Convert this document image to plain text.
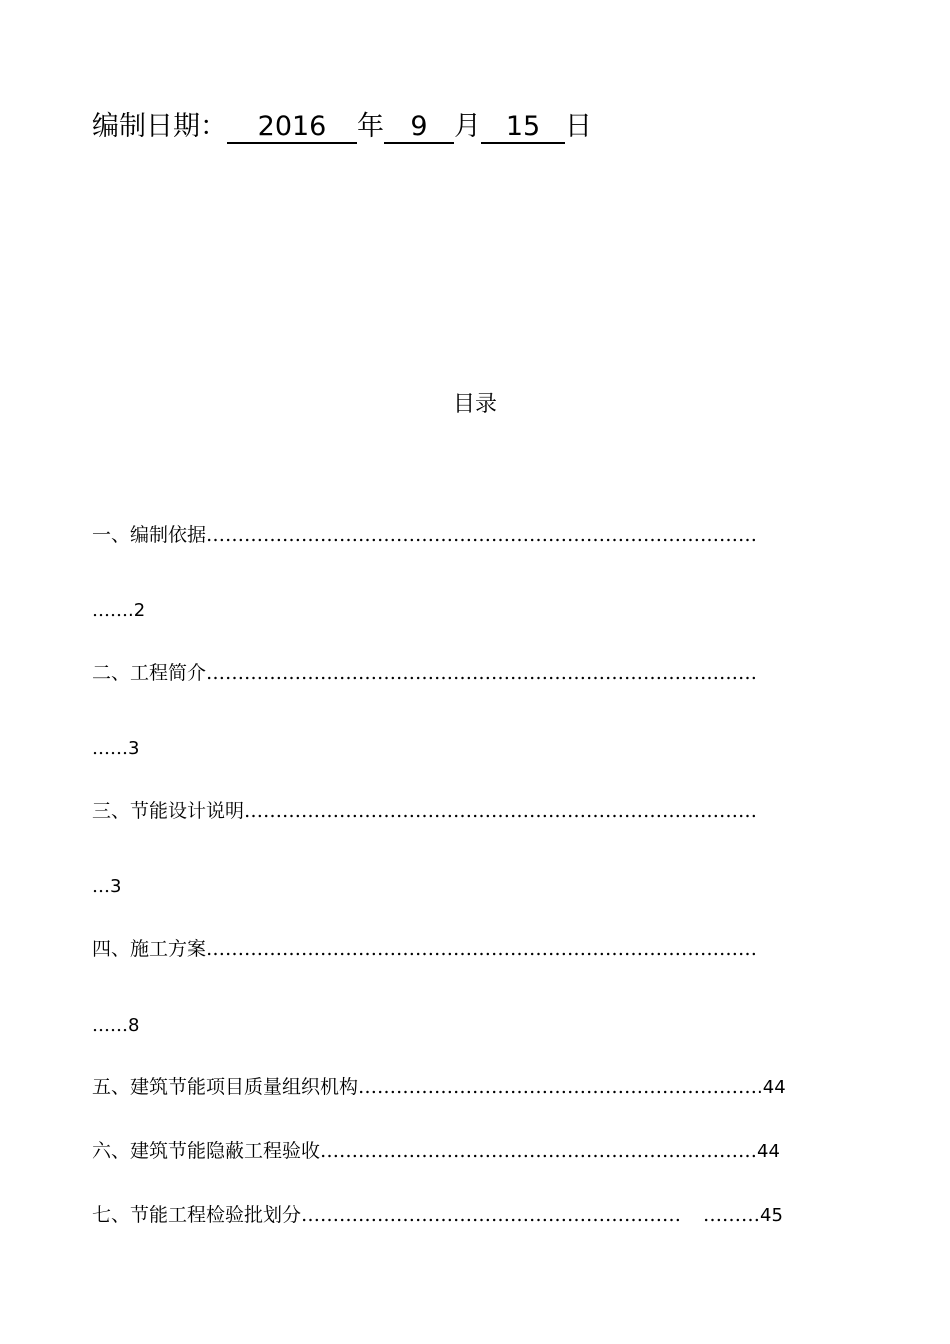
编制日期： 2016 年 9 月 15 日
目录
一、编制依据……………………………………………………………………………
…….2
二、工程简介……………………………………………………………………………
……3
三、节能设计说明………………………………………………………………………
…3
四、施工方案……………………………………………………………………………
……8
五、建筑节能项目质量组织机构……………………………………………………….44
六、建筑节能隐蔽工程验收……………………………………………………………44
七、节能工程检验批划分…………………………………………………… ………45
